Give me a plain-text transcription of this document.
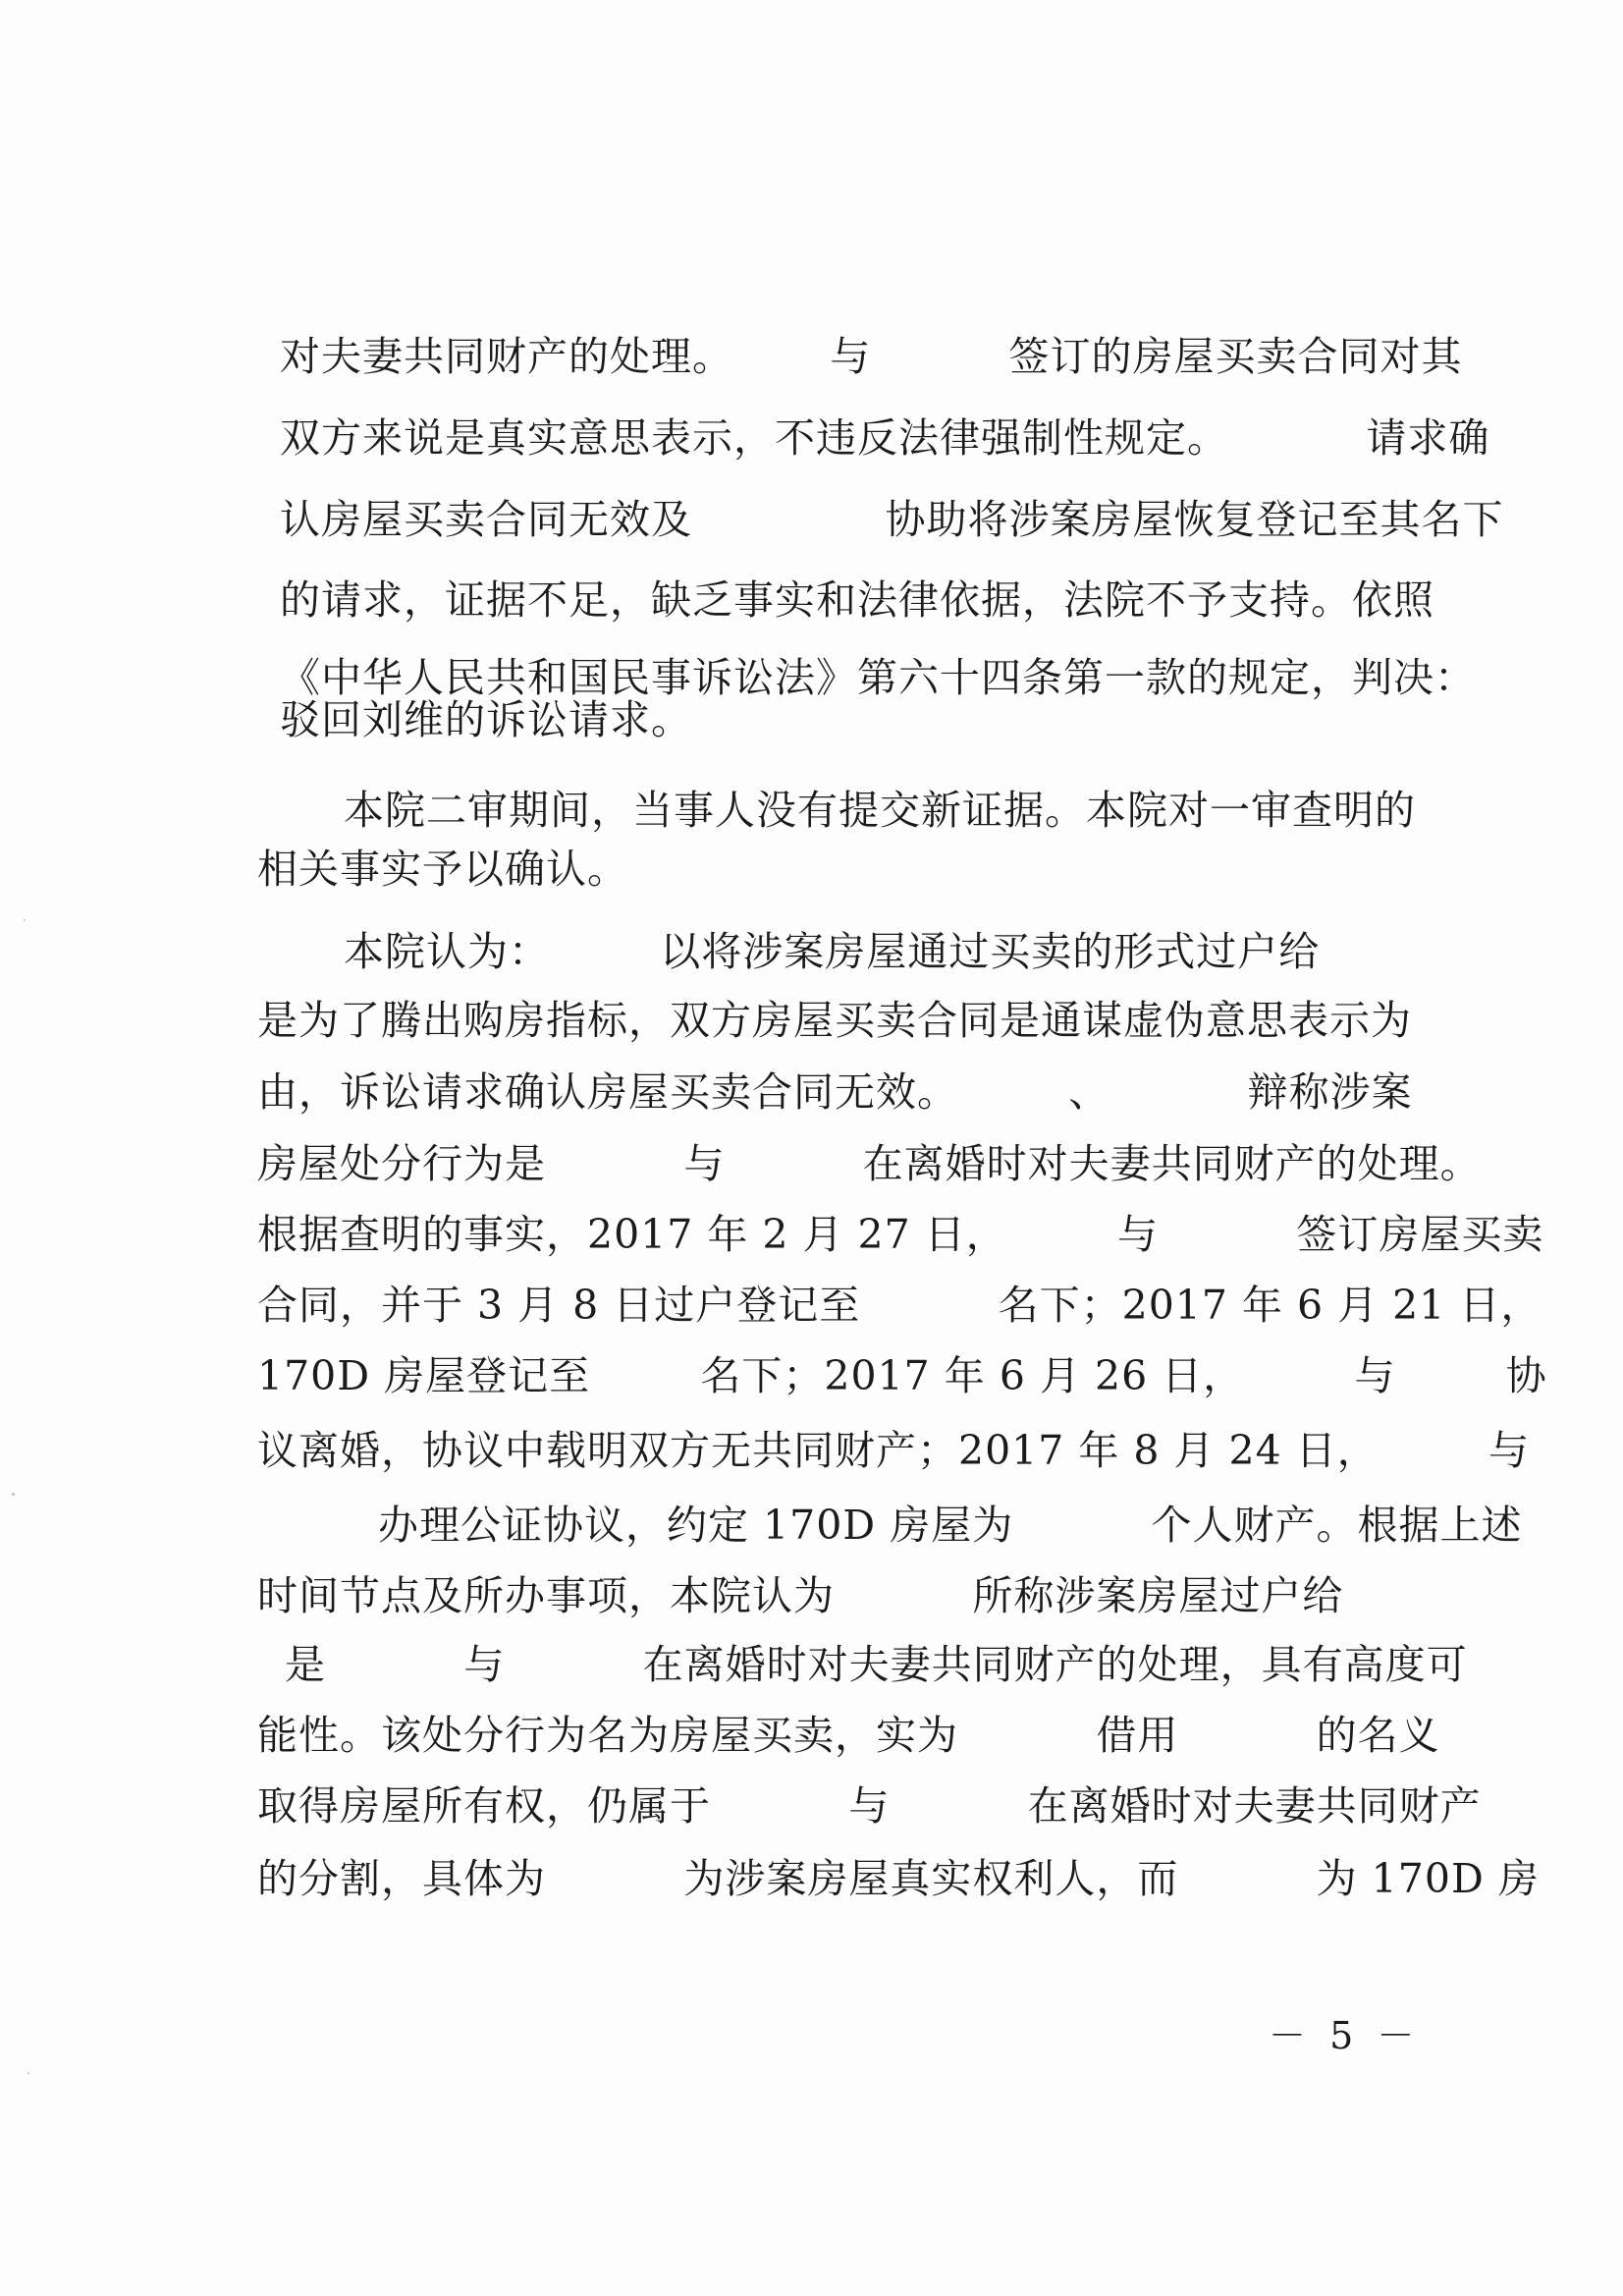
对夫妻共同财产的处理。       与          签订的房屋买卖合同对其
双方来说是真实意思表示，不违反法律强制性规定。          请求确
认房屋买卖合同无效及              协助将涉案房屋恢复登记至其名下
的请求，证据不足，缺乏事实和法律依据，法院不予支持。依照
《中华人民共和国民事诉讼法》第六十四条第一款的规定，判决：
驳回刘维的诉讼请求。
本院二审期间，当事人没有提交新证据。本院对一审查明的
相关事实予以确认。
本院认为：        以将涉案房屋通过买卖的形式过户给
是为了腾出购房指标，双方房屋买卖合同是通谋虚伪意思表示为
由，诉讼请求确认房屋买卖合同无效。        、          辩称涉案
房屋处分行为是          与          在离婚时对夫妻共同财产的处理。
根据查明的事实，2017 年 2 月 27 日，        与          签订房屋买卖
合同，并于 3 月 8 日过户登记至          名下；2017 年 6 月 21 日，
170D 房屋登记至        名下；2017 年 6 月 26 日，        与        协
议离婚，协议中载明双方无共同财产；2017 年 8 月 24 日，        与
办理公证协议，约定 170D 房屋为          个人财产。根据上述
时间节点及所办事项，本院认为          所称涉案房屋过户给
是          与          在离婚时对夫妻共同财产的处理，具有高度可
能性。该处分行为名为房屋买卖，实为          借用          的名义
取得房屋所有权，仍属于          与          在离婚时对夫妻共同财产
的分割，具体为          为涉案房屋真实权利人，而          为 170D 房
－ 5 －
